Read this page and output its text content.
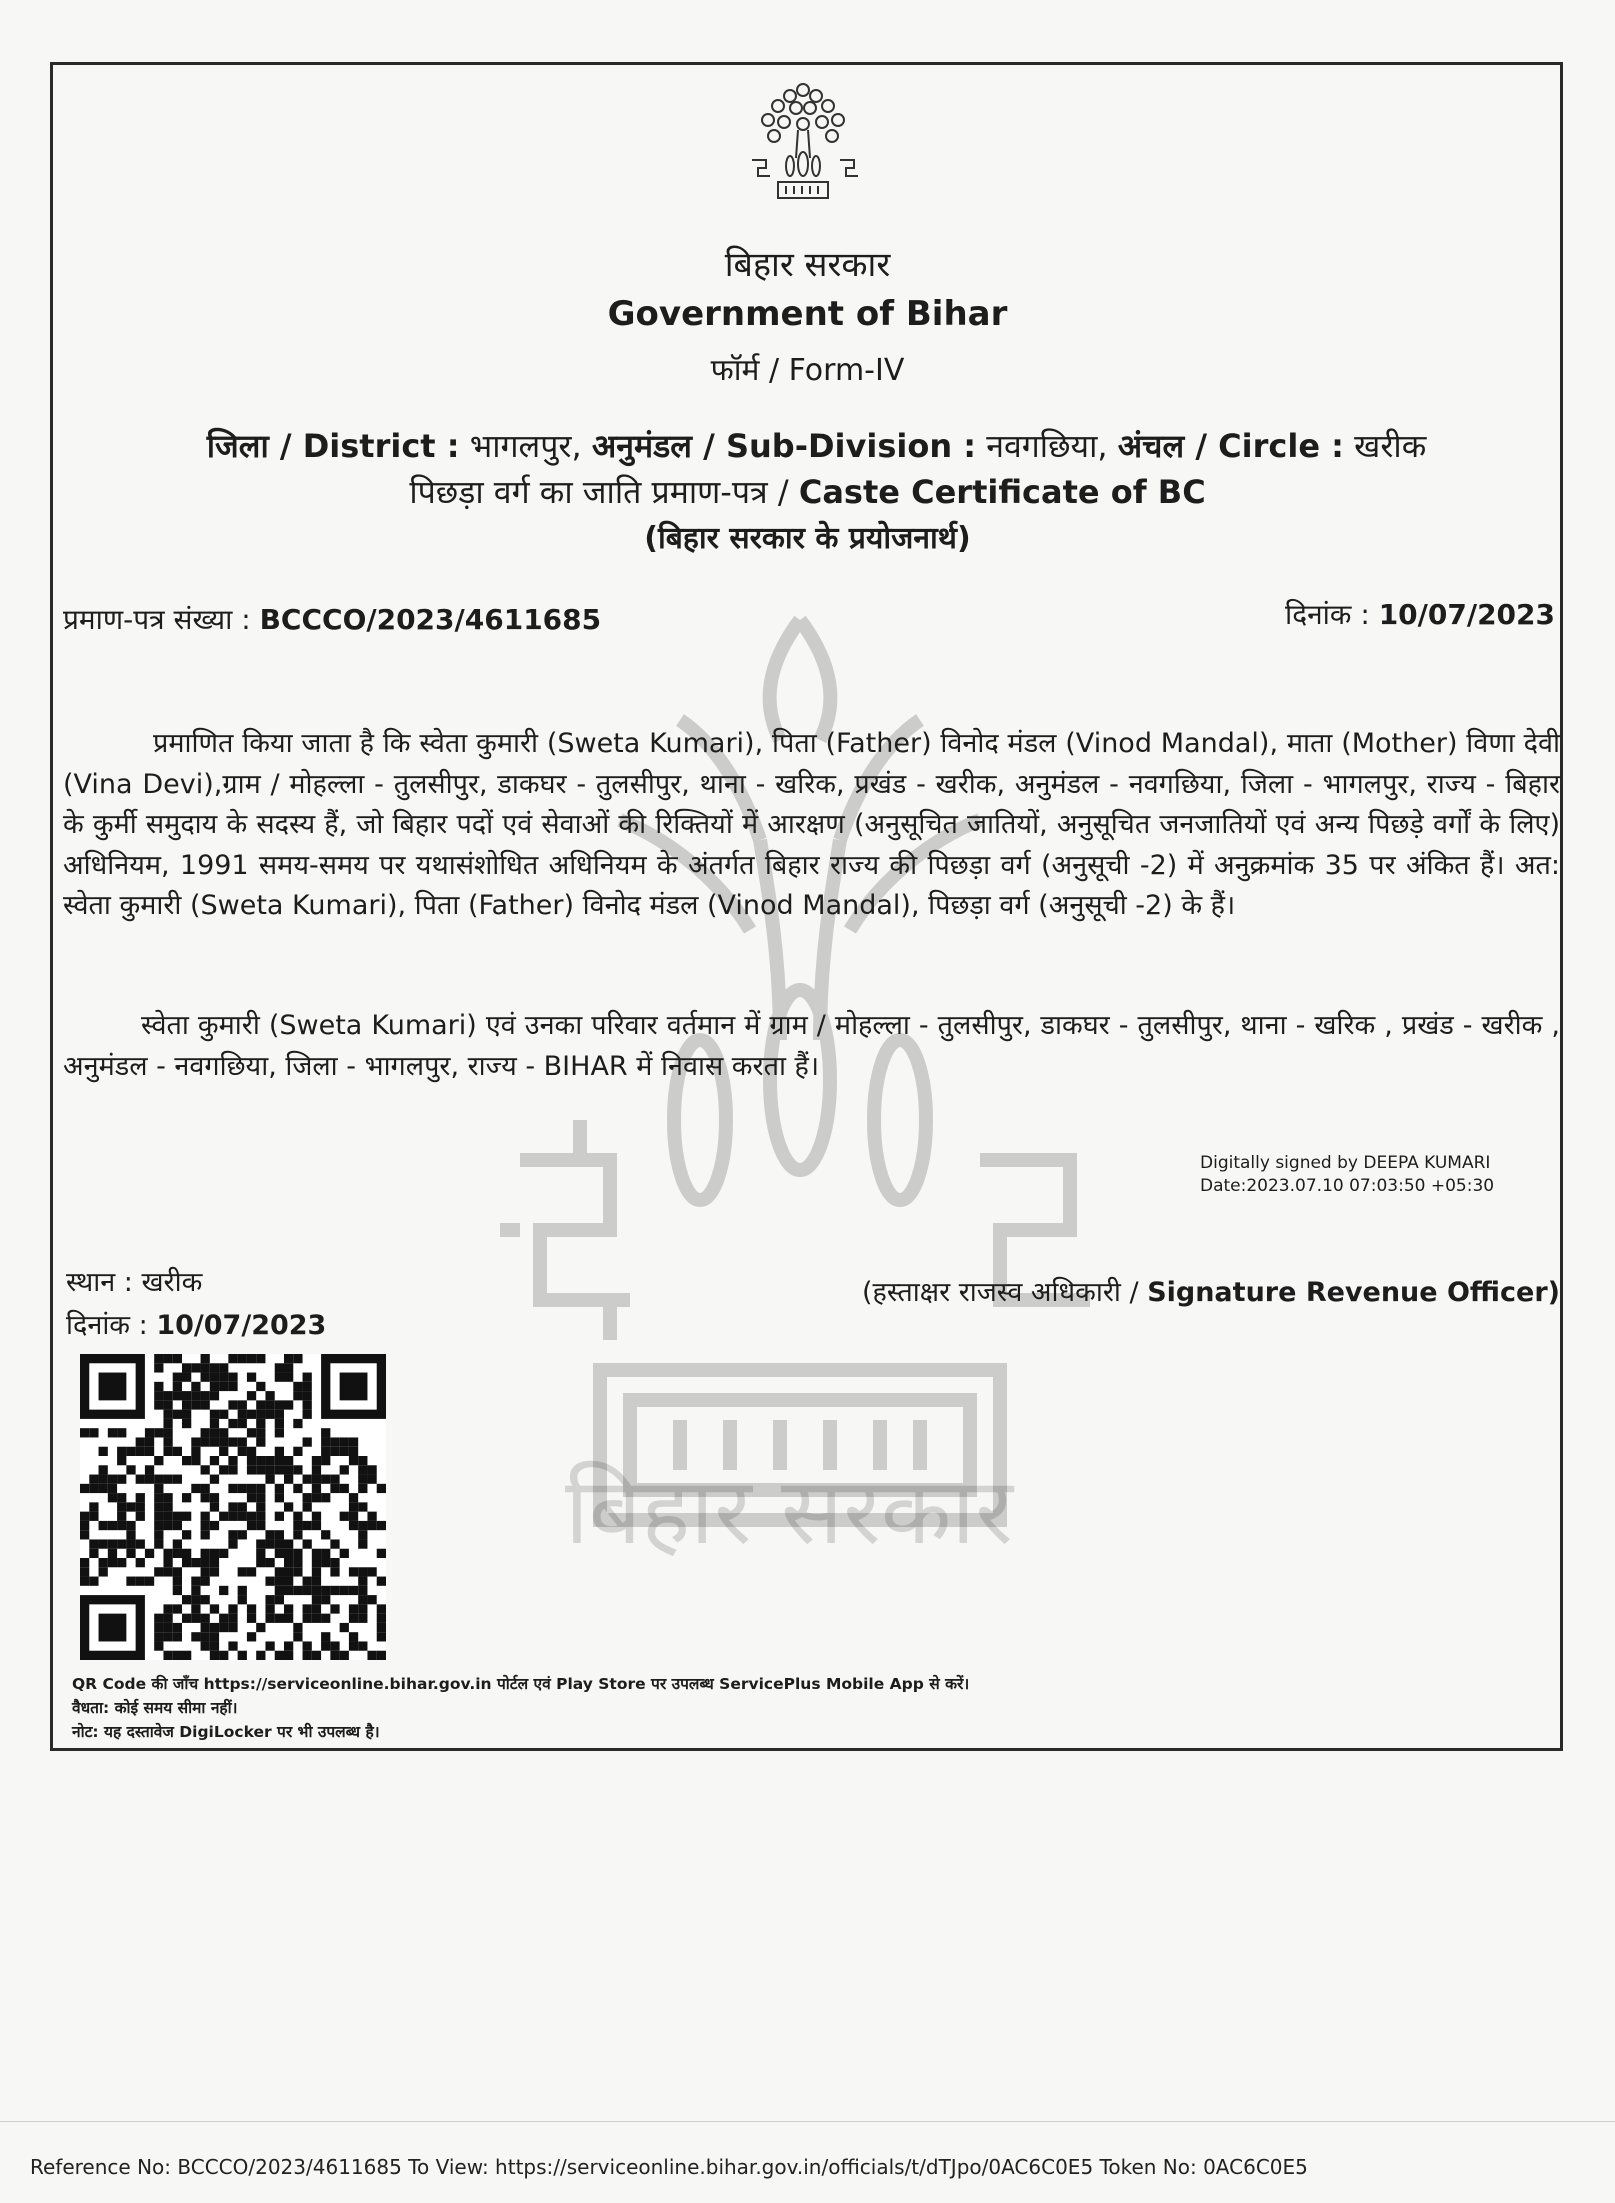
बिहार सरकार
बिहार सरकार
Government of Bihar
फॉर्म / Form-IV
जिला / District : भागलपुर, अनुमंडल / Sub-Division : नवगछिया, अंचल / Circle : खरीक
पिछड़ा वर्ग का जाति प्रमाण-पत्र / Caste Certificate of BC
(बिहार सरकार के प्रयोजनार्थ)
प्रमाण-पत्र संख्या : BCCCO/2023/4611685	दिनांक : 10/07/2023
प्रमाणित किया जाता है कि स्वेता कुमारी (Sweta Kumari), पिता (Father) विनोद मंडल (Vinod Mandal), माता (Mother) विणा देवी (Vina Devi),ग्राम / मोहल्ला - तुलसीपुर, डाकघर - तुलसीपुर, थाना - खरिक, प्रखंड - खरीक, अनुमंडल - नवगछिया, जिला - भागलपुर, राज्य - बिहार के कुर्मी समुदाय के सदस्य हैं, जो बिहार पदों एवं सेवाओं की रिक्तियों में आरक्षण (अनुसूचित जातियों, अनुसूचित जनजातियों एवं अन्य पिछड़े वर्गों के लिए) अधिनियम, 1991 समय-समय पर यथासंशोधित अधिनियम के अंतर्गत बिहार राज्य की पिछड़ा वर्ग (अनुसूची -2) में अनुक्रमांक 35 पर अंकित हैं। अत: स्वेता कुमारी (Sweta Kumari), पिता (Father) विनोद मंडल (Vinod Mandal), पिछड़ा वर्ग (अनुसूची -2) के हैं।
स्वेता कुमारी (Sweta Kumari) एवं उनका परिवार वर्तमान में ग्राम / मोहल्ला - तुलसीपुर, डाकघर - तुलसीपुर, थाना - खरिक , प्रखंड - खरीक , अनुमंडल - नवगछिया, जिला - भागलपुर, राज्य - BIHAR में निवास करता हैं।
Digitally signed by DEEPA KUMARI
Date:2023.07.10 07:03:50 +05:30
स्थान : खरीक
दिनांक : 10/07/2023
(हस्ताक्षर राजस्व अधिकारी / Signature Revenue Officer)
QR Code की जाँच https://serviceonline.bihar.gov.in पोर्टल एवं Play Store पर उपलब्ध ServicePlus Mobile App से करें।
वैधता: कोई समय सीमा नहीं।
नोट: यह दस्तावेज DigiLocker पर भी उपलब्ध है।
Reference No: BCCCO/2023/4611685 To View: https://serviceonline.bihar.gov.in/officials/t/dTJpo/0AC6C0E5 Token No: 0AC6C0E5
